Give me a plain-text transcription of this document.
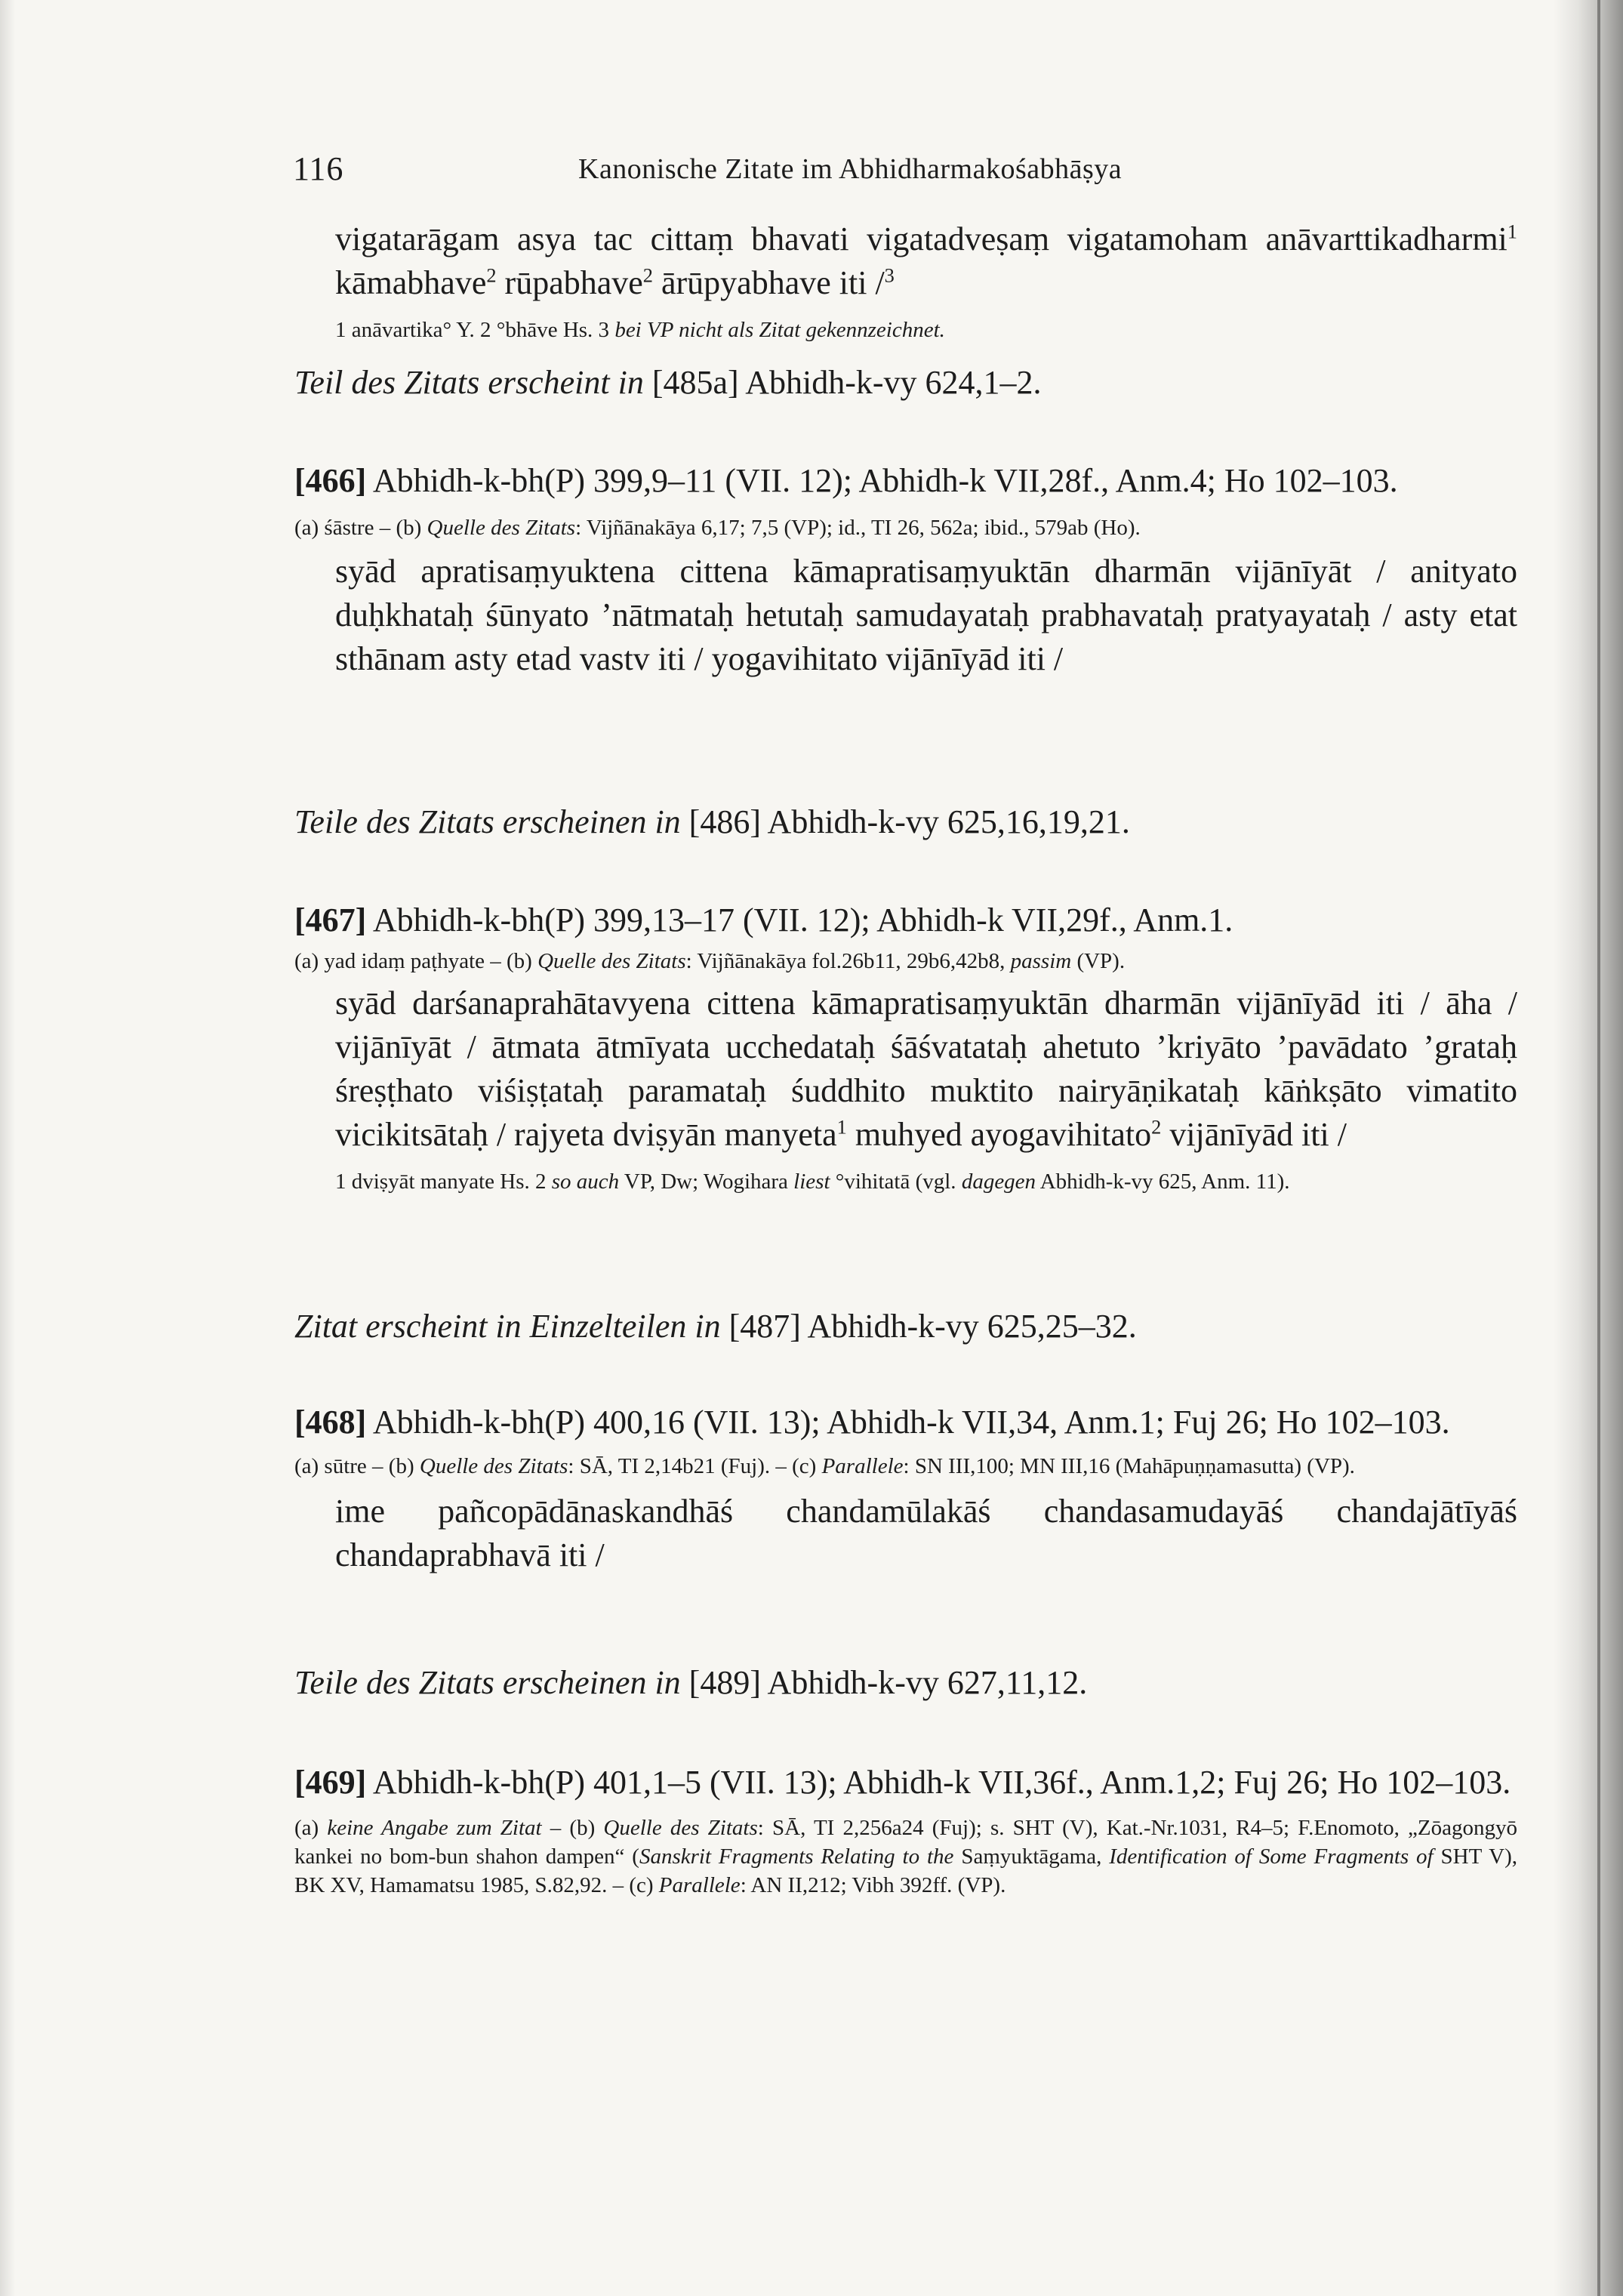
116	Kanonische Zitate im Abhidharmakośabhāṣya
vigatarāgam asya tac cittaṃ bhavati vigatadveṣaṃ vigatamoham anāvarttikadharmi$^1$ kāmabhave$^2$ rūpabhave$^2$ ārūpyabhave iti /$^3$
1 anāvartika° Y. 2 °bhāve Hs. 3 bei VP nicht als Zitat gekennzeichnet.
Teil des Zitats erscheint in [485a] Abhidh-k-vy 624,1–2.
[466] Abhidh-k-bh(P) 399,9–11 (VII. 12); Abhidh-k VII,28f., Anm.4; Ho 102–103.
(a) śāstre – (b) Quelle des Zitats: Vijñānakāya 6,17; 7,5 (VP); id., TI 26, 562a; ibid., 579ab (Ho).
syād apratisaṃyuktena cittena kāmapratisaṃyuktān dharmān vijānīyāt / anityato duḥkhataḥ śūnyato ’nātmataḥ hetutaḥ samudayataḥ prabhavataḥ pratyayataḥ / asty etat sthānam asty etad vastv iti / yogavihitato vijānīyād iti /
Teile des Zitats erscheinen in [486] Abhidh-k-vy 625,16,19,21.
[467] Abhidh-k-bh(P) 399,13–17 (VII. 12); Abhidh-k VII,29f., Anm.1.
(a) yad idaṃ paṭhyate – (b) Quelle des Zitats: Vijñānakāya fol.26b11, 29b6,42b8, passim (VP).
syād darśanaprahātavyena cittena kāmapratisaṃyuktān dharmān vijānīyād iti / āha / vijānīyāt / ātmata ātmīyata ucchedataḥ śāśvatataḥ ahetuto ’kriyāto ’pavādato ’grataḥ śreṣṭhato viśiṣṭataḥ paramataḥ śuddhito muktito nairyāṇikataḥ kāṅkṣāto vimatito vicikitsātaḥ / rajyeta dviṣyān manyeta$^1$ muhyed ayogavihitato$^2$ vijānīyād iti /
1 dviṣyāt manyate Hs. 2 so auch VP, Dw; Wogihara liest °vihitatā (vgl. dagegen Abhidh-k-vy 625, Anm. 11).
Zitat erscheint in Einzelteilen in [487] Abhidh-k-vy 625,25–32.
[468] Abhidh-k-bh(P) 400,16 (VII. 13); Abhidh-k VII,34, Anm.1; Fuj 26; Ho 102–103.
(a) sūtre – (b) Quelle des Zitats: SĀ, TI 2,14b21 (Fuj). – (c) Parallele: SN III,100; MN III,16 (Mahāpuṇṇamasutta) (VP).
ime pañcopādānaskandhāś chandamūlakāś chandasamudayāś chandajātīyāś chandaprabhavā iti /
Teile des Zitats erscheinen in [489] Abhidh-k-vy 627,11,12.
[469] Abhidh-k-bh(P) 401,1–5 (VII. 13); Abhidh-k VII,36f., Anm.1,2; Fuj 26; Ho 102–103.
(a) keine Angabe zum Zitat – (b) Quelle des Zitats: SĀ, TI 2,256a24 (Fuj); s. SHT (V), Kat.-Nr.1031, R4–5; F.Enomoto, „Zōagongyō kankei no bom-bun shahon dampen“ (Sanskrit Fragments Relating to the Saṃyuktāgama, Identification of Some Fragments of SHT V), BK XV, Hamamatsu 1985, S.82,92. – (c) Parallele: AN II,212; Vibh 392ff. (VP).
